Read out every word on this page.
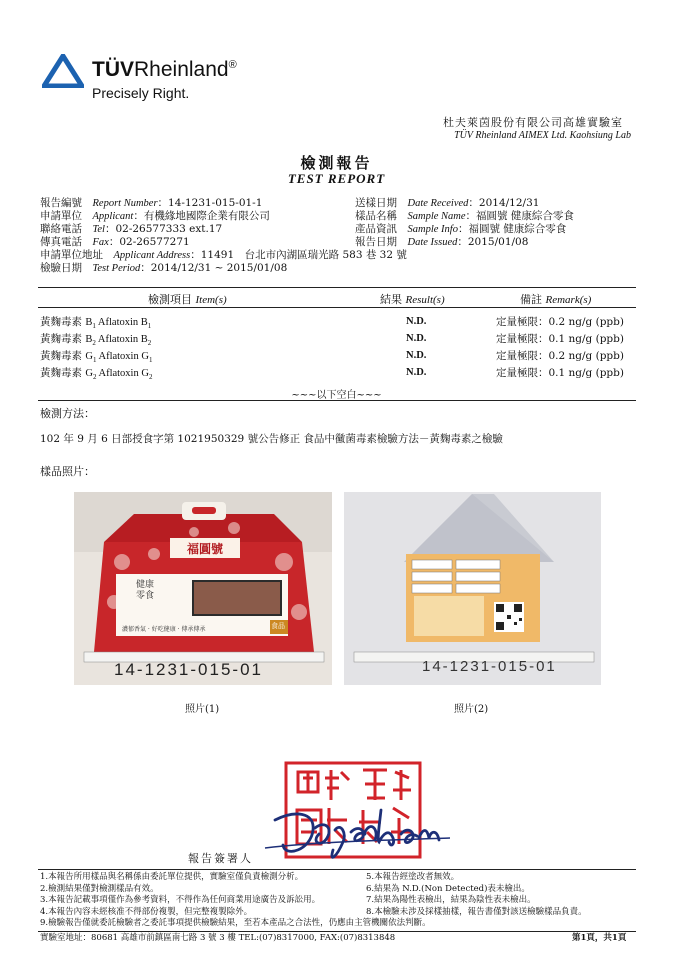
TÜVRheinland®
Precisely Right.
杜夫萊茵股份有限公司高雄實驗室
TÜV Rheinland AIMEX Ltd. Kaohsiung Lab
檢測報告
TEST REPORT
報告編號　 Report Number：14-1231-015-01-1
申請單位　 Applicant：有機緣地國際企業有限公司
聯絡電話　 Tel：02-26577333 ext.17
傳真電話　 Fax：02-26577271
申請單位地址　 Applicant Address：11491　台北市內湖區瑞光路 583 巷 32 號
檢驗日期　 Test Period：2014/12/31 ~ 2015/01/08
送樣日期　 Date Received：2014/12/31
樣品名稱　 Sample Name：福圓號 健康綜合零食
產品資訊　 Sample Info：福圓號 健康綜合零食
報告日期　 Date Issued：2015/01/08
檢測項目 Item(s)	結果 Result(s)	備註 Remark(s)
黃麴毒素 $B_1$ Aflatoxin $B_1$	N.D.	定量極限：0.2 ng/g (ppb)
黃麴毒素 $B_2$ Aflatoxin $B_2$	N.D.	定量極限：0.1 ng/g (ppb)
黃麴毒素 $G_1$ Aflatoxin $G_1$	N.D.	定量極限：0.2 ng/g (ppb)
黃麴毒素 $G_2$ Aflatoxin $G_2$	N.D.	定量極限：0.1 ng/g (ppb)
~~~以下空白~~~
檢測方法：
102 年 9 月 6 日部授食字第 1021950329 號公告修正 食品中黴菌毒素檢驗方法－黃麴毒素之檢驗
樣品照片：
福圓號
健康
零食
食品
濃郁香氣 · 好吃健康 · 傳承傳承
14-1231-015-01	14-1231-015-01
照片(1)	照片(2)
報告簽署人
1.本報告所用樣品與名稱係由委託單位提供，實驗室僅負責檢測分析。
2.檢測結果僅對檢測樣品有效。
3.本報告記載事項僅作為參考資料，不得作為任何商業用途廣告及訴訟用。
4.本報告內容未經核准不得部份複製，但完整複製除外。
5.本報告經塗改者無效。
6.結果為 N.D.(Non Detected)表未檢出。
7.結果為陽性表檢出，結果為陰性表未檢出。
8.本檢驗未涉及採樣抽樣，報告書僅對該送檢驗樣品負責。
9.檢驗報告僅就委託檢驗者之委託事項提供檢驗結果，至若本產品之合法性，仍應由主管機關依法判斷。
實驗室地址：80681 高雄市前鎮區南七路 3 號 3 樓 TEL:(07)8317000, FAX:(07)8313848	第1頁，共1頁
